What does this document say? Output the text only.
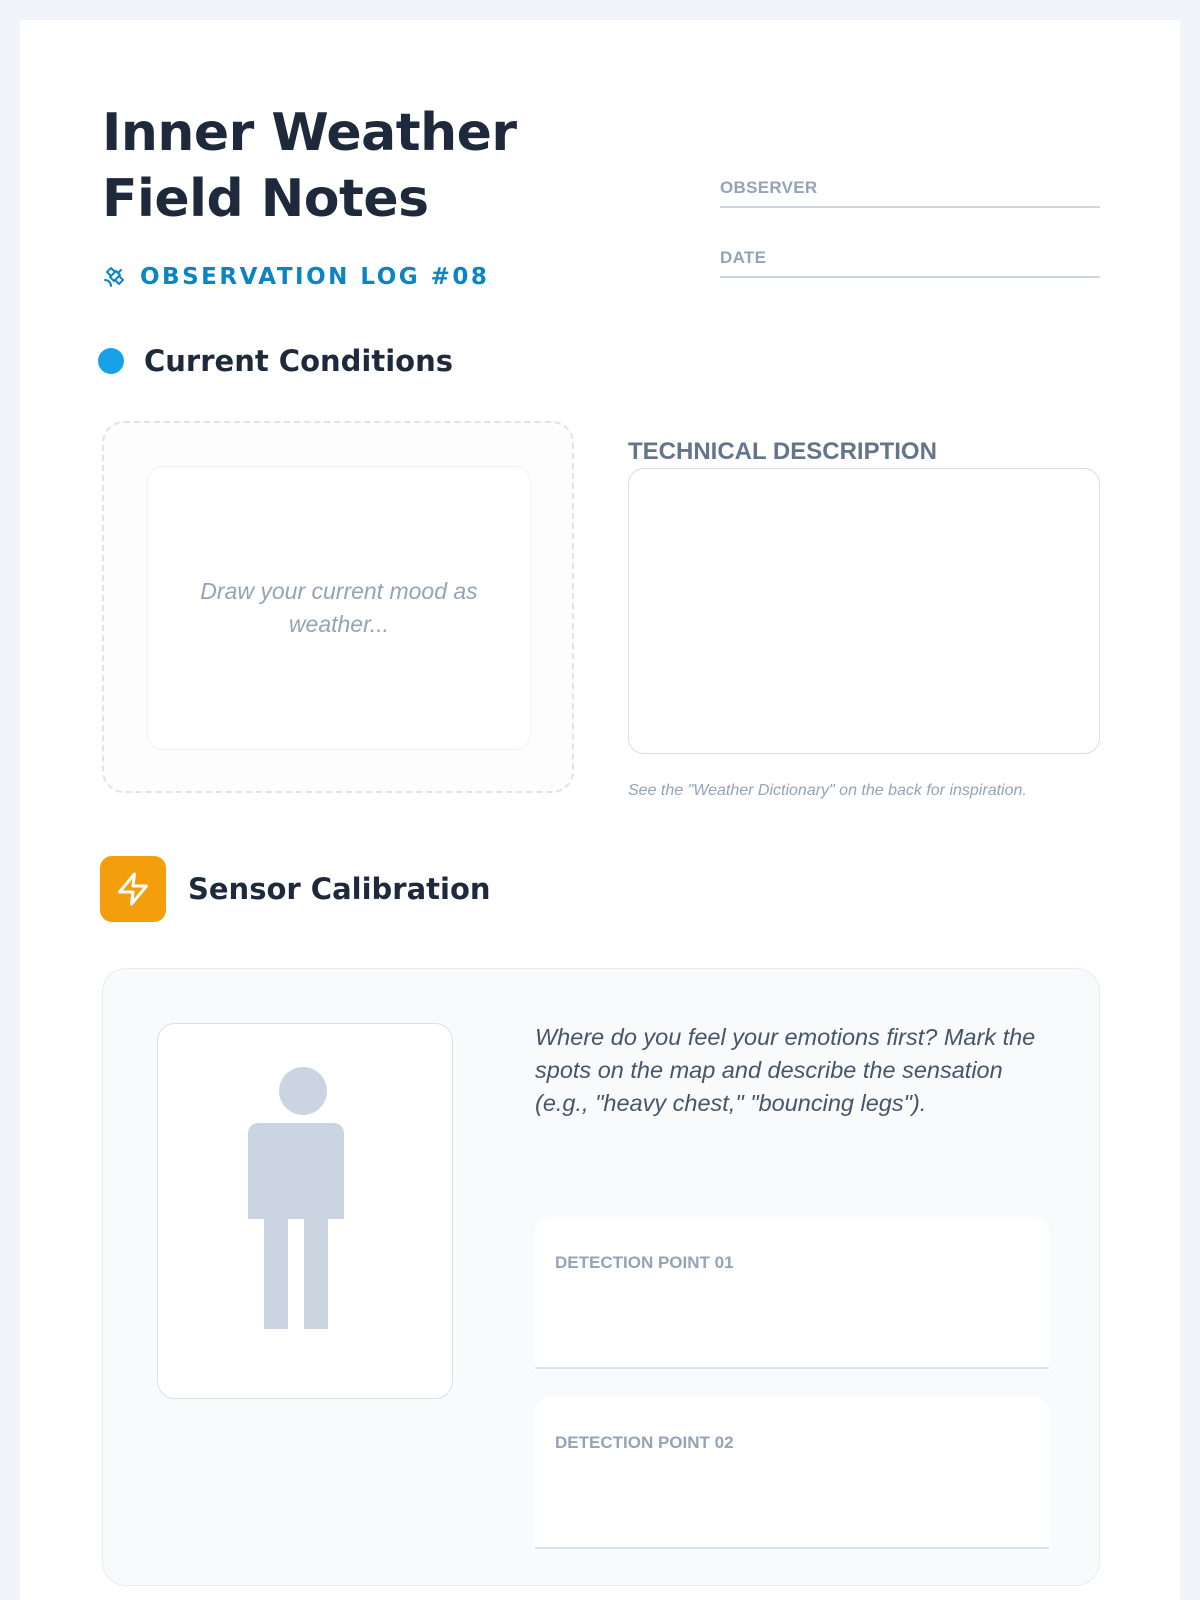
Inner Weather Field Notes
OBSERVATION LOG #08
OBSERVER
DATE
Current Conditions
Draw your current mood as weather...
TECHNICAL DESCRIPTION
See the "Weather Dictionary" on the back for inspiration.
Sensor Calibration

Where do you feel your emotions first? Mark the spots on the map and describe the sensation (e.g., "heavy chest," "bouncing legs").

DETECTION POINT 01
DETECTION POINT 02
